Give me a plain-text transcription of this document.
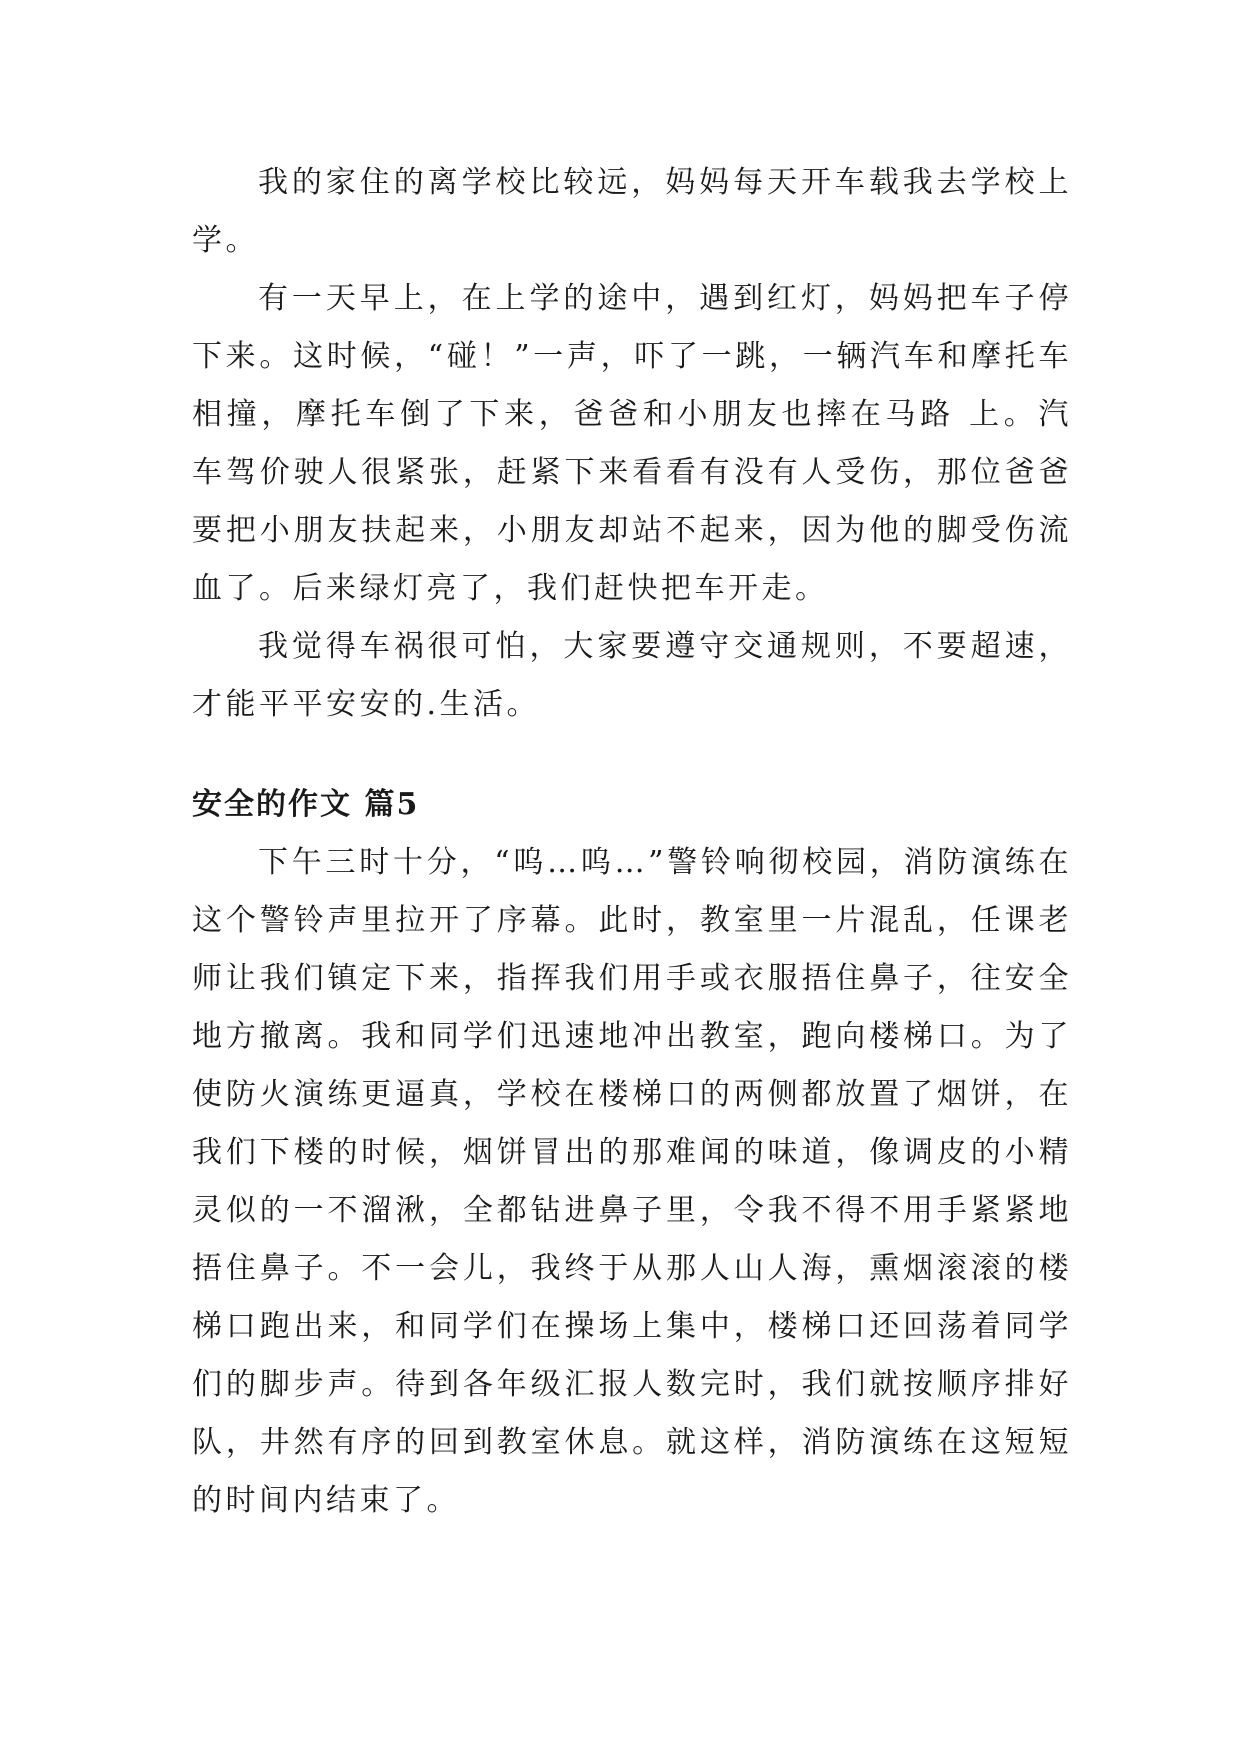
我的家住的离学校比较远，妈妈每天开车载我去学校上学。

有一天早上，在上学的途中，遇到红灯，妈妈把车子停下来。这时候，“碰！”一声，吓了一跳，一辆汽车和摩托车相撞，摩托车倒了下来，爸爸和小朋友也摔在马路 上。汽车驾价驶人很紧张，赶紧下来看看有没有人受伤，那位爸爸要把小朋友扶起来，小朋友却站不起来，因为他的脚受伤流血了。后来绿灯亮了，我们赶快把车开走。

我觉得车祸很可怕，大家要遵守交通规则，不要超速，才能平平安安的.生活。

安全的作文 篇5

下午三时十分，“呜…呜…”警铃响彻校园，消防演练在这个警铃声里拉开了序幕。此时，教室里一片混乱，任课老师让我们镇定下来，指挥我们用手或衣服捂住鼻子，往安全地方撤离。我和同学们迅速地冲出教室，跑向楼梯口。为了使防火演练更逼真，学校在楼梯口的两侧都放置了烟饼，在我们下楼的时候，烟饼冒出的那难闻的味道，像调皮的小精灵似的一不溜湫，全都钻进鼻子里，令我不得不用手紧紧地捂住鼻子。不一会儿，我终于从那人山人海，熏烟滚滚的楼梯口跑出来，和同学们在操场上集中，楼梯口还回荡着同学们的脚步声。待到各年级汇报人数完时，我们就按顺序排好队，井然有序的回到教室休息。就这样，消防演练在这短短的时间内结束了。
